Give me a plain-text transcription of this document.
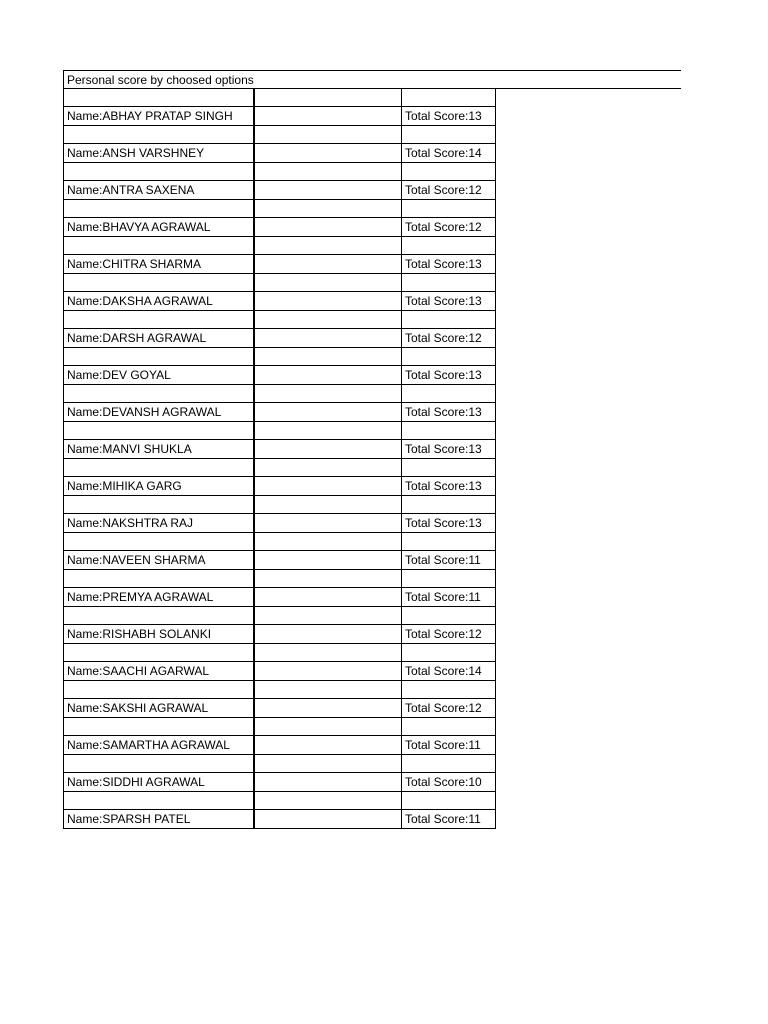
Personal score by choosed options

Name:ABHAY PRATAP SINGH		Total Score:13

Name:ANSH VARSHNEY		Total Score:14

Name:ANTRA SAXENA		Total Score:12

Name:BHAVYA AGRAWAL		Total Score:12

Name:CHITRA SHARMA		Total Score:13

Name:DAKSHA AGRAWAL		Total Score:13

Name:DARSH AGRAWAL		Total Score:12

Name:DEV GOYAL		Total Score:13

Name:DEVANSH AGRAWAL		Total Score:13

Name:MANVI SHUKLA		Total Score:13

Name:MIHIKA GARG		Total Score:13

Name:NAKSHTRA RAJ		Total Score:13

Name:NAVEEN SHARMA		Total Score:11

Name:PREMYA AGRAWAL		Total Score:11

Name:RISHABH SOLANKI		Total Score:12

Name:SAACHI AGARWAL		Total Score:14

Name:SAKSHI AGRAWAL		Total Score:12

Name:SAMARTHA AGRAWAL		Total Score:11

Name:SIDDHI AGRAWAL		Total Score:10

Name:SPARSH PATEL		Total Score:11
